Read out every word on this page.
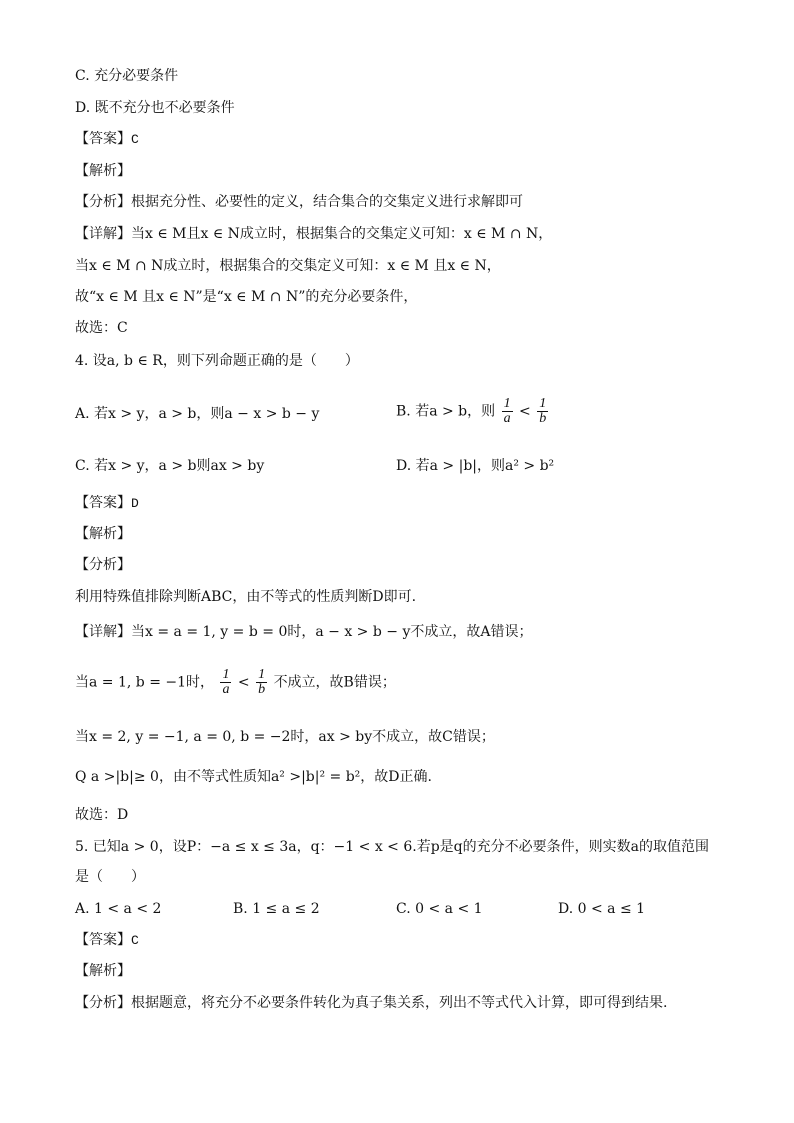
C. 充分必要条件
D. 既不充分也不必要条件
【答案】C
【解析】
【分析】根据充分性、必要性的定义，结合集合的交集定义进行求解即可
【详解】当x ∈ M且x ∈ N成立时，根据集合的交集定义可知：x ∈ M ∩ N，
当x ∈ M ∩ N成立时，根据集合的交集定义可知：x ∈ M 且x ∈ N，
故“x ∈ M 且x ∈ N”是“x ∈ M ∩ N”的充分必要条件，
故选：C
4. 设a, b ∈ R，则下列命题正确的是（　　）
A. 若x > y，a > b，则a − x > b − y	B. 若a > b，则 $\frac{1}{a} < \frac{1}{b}$
C. 若x > y，a > b则ax > by	D. 若a > |b|，则a² > b²
【答案】D
【解析】
【分析】
利用特殊值排除判断ABC，由不等式的性质判断D即可.
【详解】当x = a = 1, y = b = 0时，a − x > b − y不成立，故A错误；
当a = 1, b = −1时， $\frac{1}{a} < \frac{1}{b}$ 不成立，故B错误；
当x = 2, y = −1, a = 0, b = −2时，ax > by不成立，故C错误；
Q a >|b|≥ 0，由不等式性质知a² >|b|² = b²，故D正确.
故选：D
5. 已知a > 0，设P：−a ≤ x ≤ 3a，q：−1 < x < 6.若p是q的充分不必要条件，则实数a的取值范围
是（　　）
A. 1 < a < 2	B. 1 ≤ a ≤ 2	C. 0 < a < 1	D. 0 < a ≤ 1
【答案】C
【解析】
【分析】根据题意，将充分不必要条件转化为真子集关系，列出不等式代入计算，即可得到结果.
